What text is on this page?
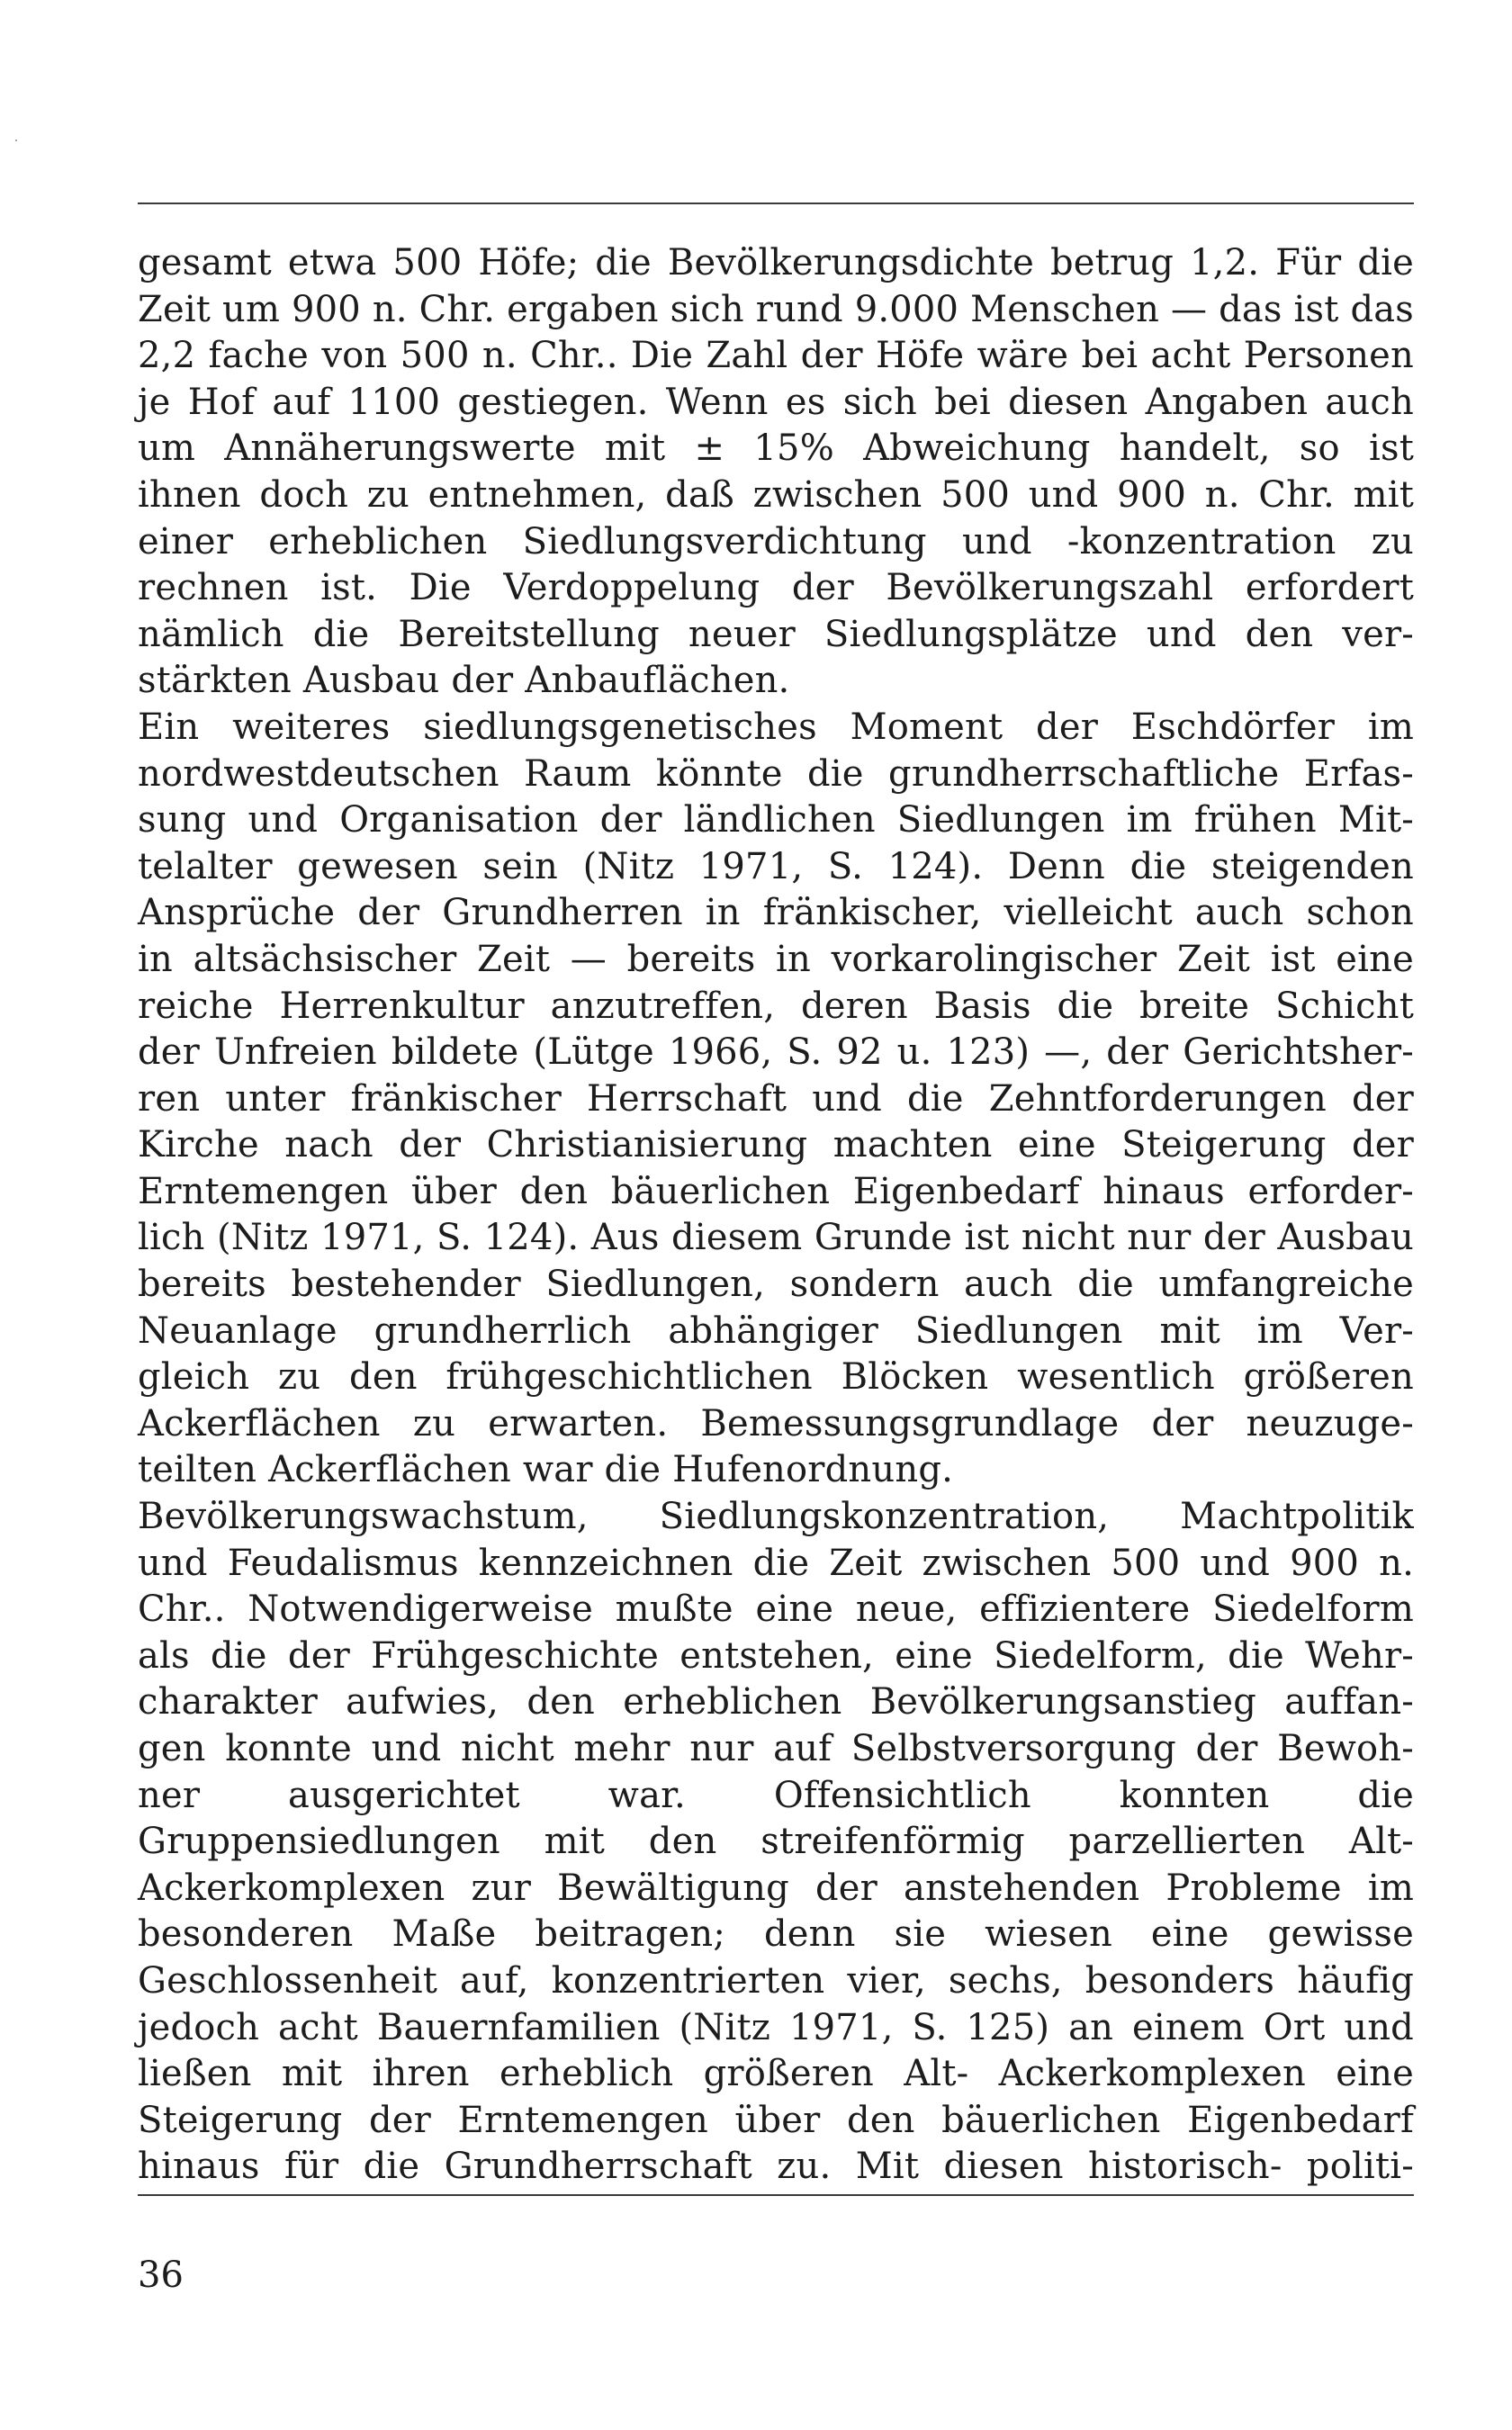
gesamt etwa 500 Höfe; die Bevölkerungsdichte betrug 1,2. Für die
Zeit um 900 n. Chr. ergaben sich rund 9.000 Menschen — das ist das
2,2 fache von 500 n. Chr.. Die Zahl der Höfe wäre bei acht Personen
je Hof auf 1100 gestiegen. Wenn es sich bei diesen Angaben auch
um Annäherungswerte mit ± 15% Abweichung handelt, so ist
ihnen doch zu entnehmen, daß zwischen 500 und 900 n. Chr. mit
einer erheblichen Siedlungsverdichtung und -konzentration zu
rechnen ist. Die Verdoppelung der Bevölkerungszahl erfordert
nämlich die Bereitstellung neuer Siedlungsplätze und den ver-
stärkten Ausbau der Anbauflächen.
Ein weiteres siedlungsgenetisches Moment der Eschdörfer im
nordwestdeutschen Raum könnte die grundherrschaftliche Erfas-
sung und Organisation der ländlichen Siedlungen im frühen Mit-
telalter gewesen sein (Nitz 1971, S. 124). Denn die steigenden
Ansprüche der Grundherren in fränkischer, vielleicht auch schon
in altsächsischer Zeit — bereits in vorkarolingischer Zeit ist eine
reiche Herrenkultur anzutreffen, deren Basis die breite Schicht
der Unfreien bildete (Lütge 1966, S. 92 u. 123) —, der Gerichtsher-
ren unter fränkischer Herrschaft und die Zehntforderungen der
Kirche nach der Christianisierung machten eine Steigerung der
Erntemengen über den bäuerlichen Eigenbedarf hinaus erforder-
lich (Nitz 1971, S. 124). Aus diesem Grunde ist nicht nur der Ausbau
bereits bestehender Siedlungen, sondern auch die umfangreiche
Neuanlage grundherrlich abhängiger Siedlungen mit im Ver-
gleich zu den frühgeschichtlichen Blöcken wesentlich größeren
Ackerflächen zu erwarten. Bemessungsgrundlage der neuzuge-
teilten Ackerflächen war die Hufenordnung.
Bevölkerungswachstum, Siedlungskonzentration, Machtpolitik
und Feudalismus kennzeichnen die Zeit zwischen 500 und 900 n.
Chr.. Notwendigerweise mußte eine neue, effizientere Siedelform
als die der Frühgeschichte entstehen, eine Siedelform, die Wehr-
charakter aufwies, den erheblichen Bevölkerungsanstieg auffan-
gen konnte und nicht mehr nur auf Selbstversorgung der Bewoh-
ner ausgerichtet war. Offensichtlich konnten die
Gruppensiedlungen mit den streifenförmig parzellierten Alt-
Ackerkomplexen zur Bewältigung der anstehenden Probleme im
besonderen Maße beitragen; denn sie wiesen eine gewisse
Geschlossenheit auf, konzentrierten vier, sechs, besonders häufig
jedoch acht Bauernfamilien (Nitz 1971, S. 125) an einem Ort und
ließen mit ihren erheblich größeren Alt- Ackerkomplexen eine
Steigerung der Erntemengen über den bäuerlichen Eigenbedarf
hinaus für die Grundherrschaft zu. Mit diesen historisch- politi-
36
